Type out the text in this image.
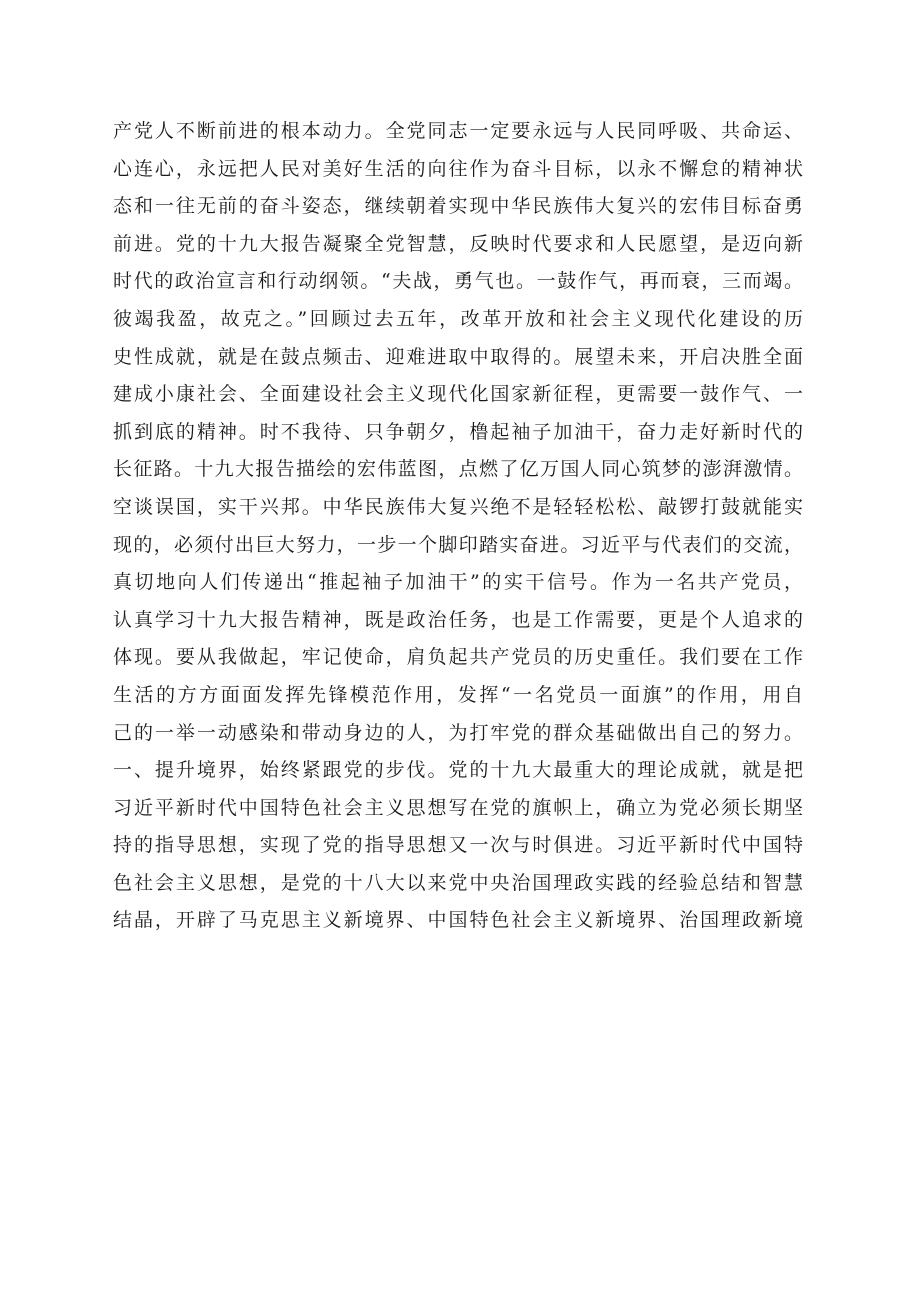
产党人不断前进的根本动力。全党同志一定要永远与人民同呼吸、共命运、
心连心，永远把人民对美好生活的向往作为奋斗目标，以永不懈怠的精神状
态和一往无前的奋斗姿态，继续朝着实现中华民族伟大复兴的宏伟目标奋勇
前进。党的十九大报告凝聚全党智慧，反映时代要求和人民愿望，是迈向新
时代的政治宣言和行动纲领。“夫战，勇气也。一鼓作气，再而衰，三而竭。
彼竭我盈，故克之。”回顾过去五年，改革开放和社会主义现代化建设的历
史性成就，就是在鼓点频击、迎难进取中取得的。展望未来，开启决胜全面
建成小康社会、全面建设社会主义现代化国家新征程，更需要一鼓作气、一
抓到底的精神。时不我待、只争朝夕，橹起袖子加油干，奋力走好新时代的
长征路。十九大报告描绘的宏伟蓝图，点燃了亿万国人同心筑梦的澎湃激情。
空谈误国，实干兴邦。中华民族伟大复兴绝不是轻轻松松、敲锣打鼓就能实
现的，必须付出巨大努力，一步一个脚印踏实奋进。习近平与代表们的交流，
真切地向人们传递出“推起袖子加油干”的实干信号。作为一名共产党员，
认真学习十九大报告精神，既是政治任务，也是工作需要，更是个人追求的
体现。要从我做起，牢记使命，肩负起共产党员的历史重任。我们要在工作
生活的方方面面发挥先锋模范作用，发挥“一名党员一面旗”的作用，用自
己的一举一动感染和带动身边的人，为打牢党的群众基础做出自己的努力。
一、提升境界，始终紧跟党的步伐。党的十九大最重大的理论成就，就是把
习近平新时代中国特色社会主义思想写在党的旗帜上，确立为党必须长期坚
持的指导思想，实现了党的指导思想又一次与时俱进。习近平新时代中国特
色社会主义思想，是党的十八大以来党中央治国理政实践的经验总结和智慧
结晶，开辟了马克思主义新境界、中国特色社会主义新境界、治国理政新境
